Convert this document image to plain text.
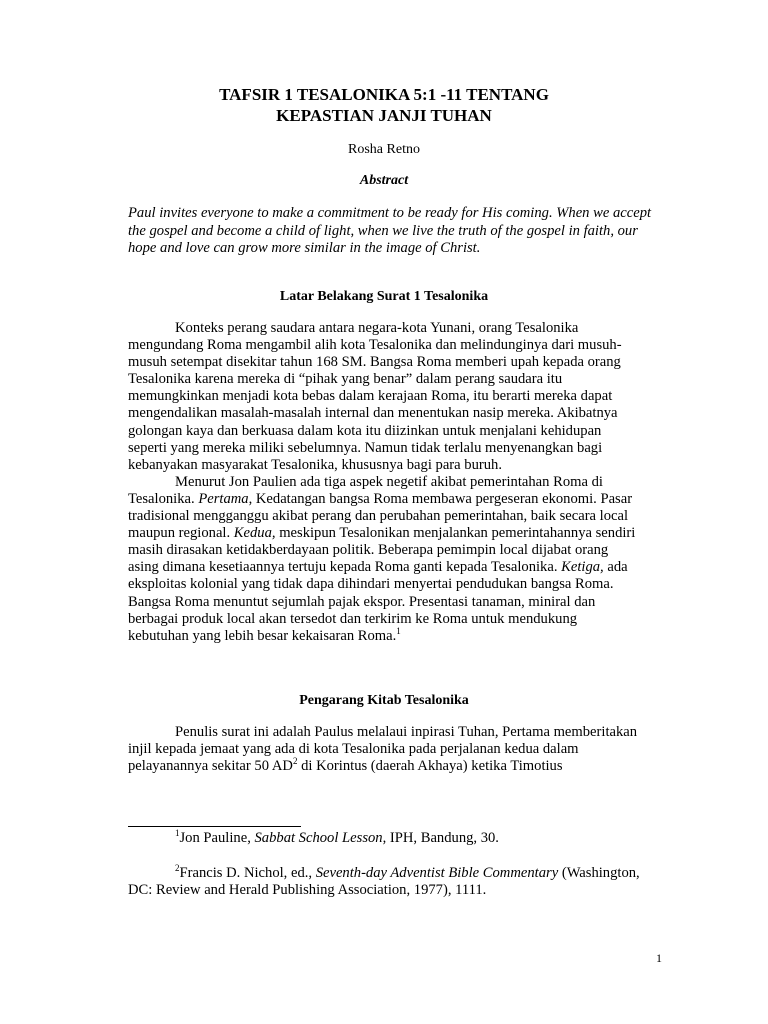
TAFSIR 1 TESALONIKA 5:1 -11 TENTANG
KEPASTIAN JANJI TUHAN
Rosha Retno
Abstract

Paul invites everyone to make a commitment to be ready for His coming. When we accept the gospel and become a child of light, when we live the truth of the gospel in faith, our hope and love can grow more similar in the image of Christ.

Latar Belakang Surat 1 Tesalonika

Konteks perang saudara antara negara-kota Yunani, orang Tesalonika mengundang Roma mengambil alih kota Tesalonika dan melindunginya dari musuh- musuh setempat disekitar tahun 168 SM. Bangsa Roma memberi upah kepada orang Tesalonika karena mereka di “pihak yang benar” dalam perang saudara itu memungkinkan menjadi kota bebas dalam kerajaan Roma, itu berarti mereka dapat mengendalikan masalah-masalah internal dan menentukan nasip mereka. Akibatnya golongan kaya dan berkuasa dalam kota itu diizinkan untuk menjalani kehidupan seperti yang mereka miliki sebelumnya. Namun tidak terlalu menyenangkan bagi kebanyakan masyarakat Tesalonika, khususnya bagi para buruh.

Menurut Jon Paulien ada tiga aspek negetif akibat pemerintahan Roma di Tesalonika. Pertama, Kedatangan bangsa Roma membawa pergeseran ekonomi. Pasar tradisional mengganggu akibat perang dan perubahan pemerintahan, baik secara local maupun regional. Kedua, meskipun Tesalonikan menjalankan pemerintahannya sendiri masih dirasakan ketidakberdayaan politik. Beberapa pemimpin local dijabat orang asing dimana kesetiaannya tertuju kepada Roma ganti kepada Tesalonika. Ketiga, ada eksploitas kolonial yang tidak dapa dihindari menyertai pendudukan bangsa Roma. Bangsa Roma menuntut sejumlah pajak ekspor. Presentasi tanaman, miniral dan berbagai produk local akan tersedot dan terkirim ke Roma untuk mendukung kebutuhan yang lebih besar kekaisaran Roma.$^1$

Pengarang Kitab Tesalonika

Penulis surat ini adalah Paulus melalaui inpirasi Tuhan, Pertama memberitakan injil kepada jemaat yang ada di kota Tesalonika pada perjalanan kedua dalam pelayanannya sekitar 50 $AD^2$ di Korintus (daerah Akhaya) ketika Timotius

$^1$Jon Pauline, Sabbat School Lesson, IPH, Bandung, 30.

$^2$Francis D. Nichol, ed., Seventh-day Adventist Bible Commentary (Washington, DC: Review and Herald Publishing Association, 1977), 1111.

1
